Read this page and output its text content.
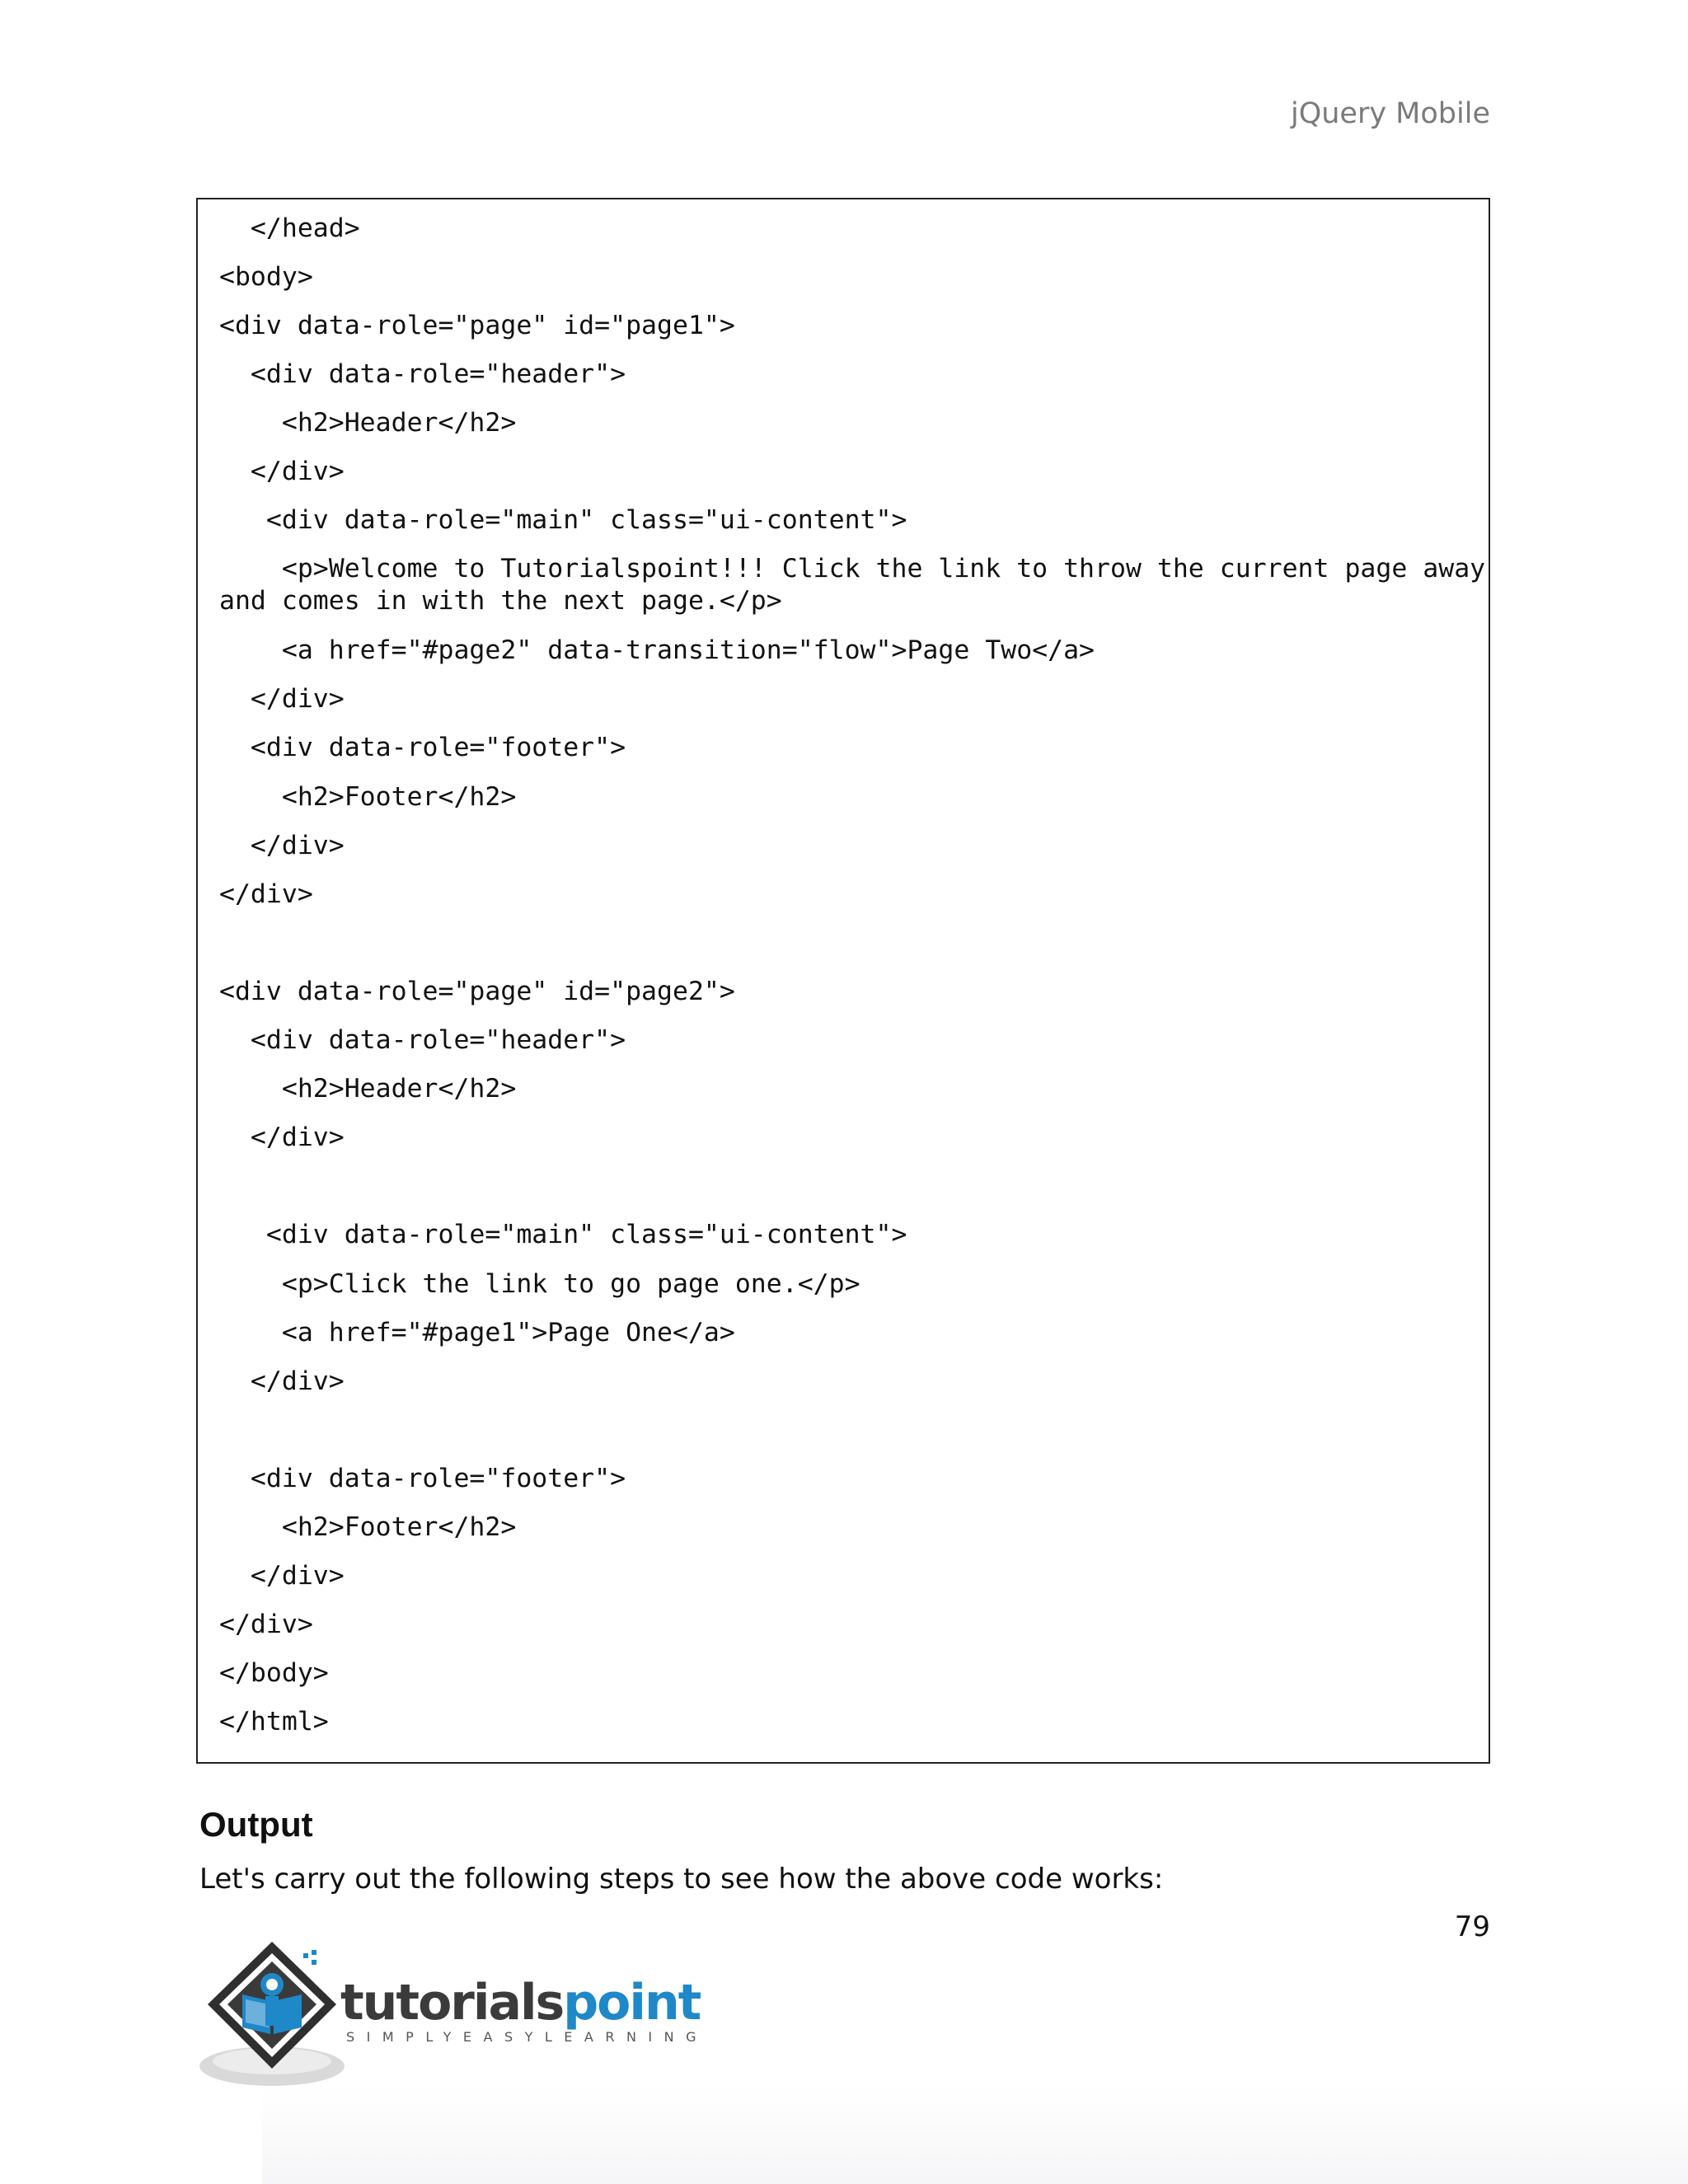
jQuery Mobile
</head>
<body>
<div data-role="page" id="page1">
<div data-role="header">
<h2>Header</h2>
</div>
<div data-role="main" class="ui-content">
<p>Welcome to Tutorialspoint!!! Click the link to throw the current page away
and comes in with the next page.</p>
<a href="#page2" data-transition="flow">Page Two</a>
</div>
<div data-role="footer">
<h2>Footer</h2>
</div>
</div>
<div data-role="page" id="page2">
<div data-role="header">
<h2>Header</h2>
</div>
<div data-role="main" class="ui-content">
<p>Click the link to go page one.</p>
<a href="#page1">Page One</a>
</div>
<div data-role="footer">
<h2>Footer</h2>
</div>
</div>
</body>
</html>
Output

Let's carry out the following steps to see how the above code works:

79
tutorialspoint
SIMPLYEASYLEARNING
